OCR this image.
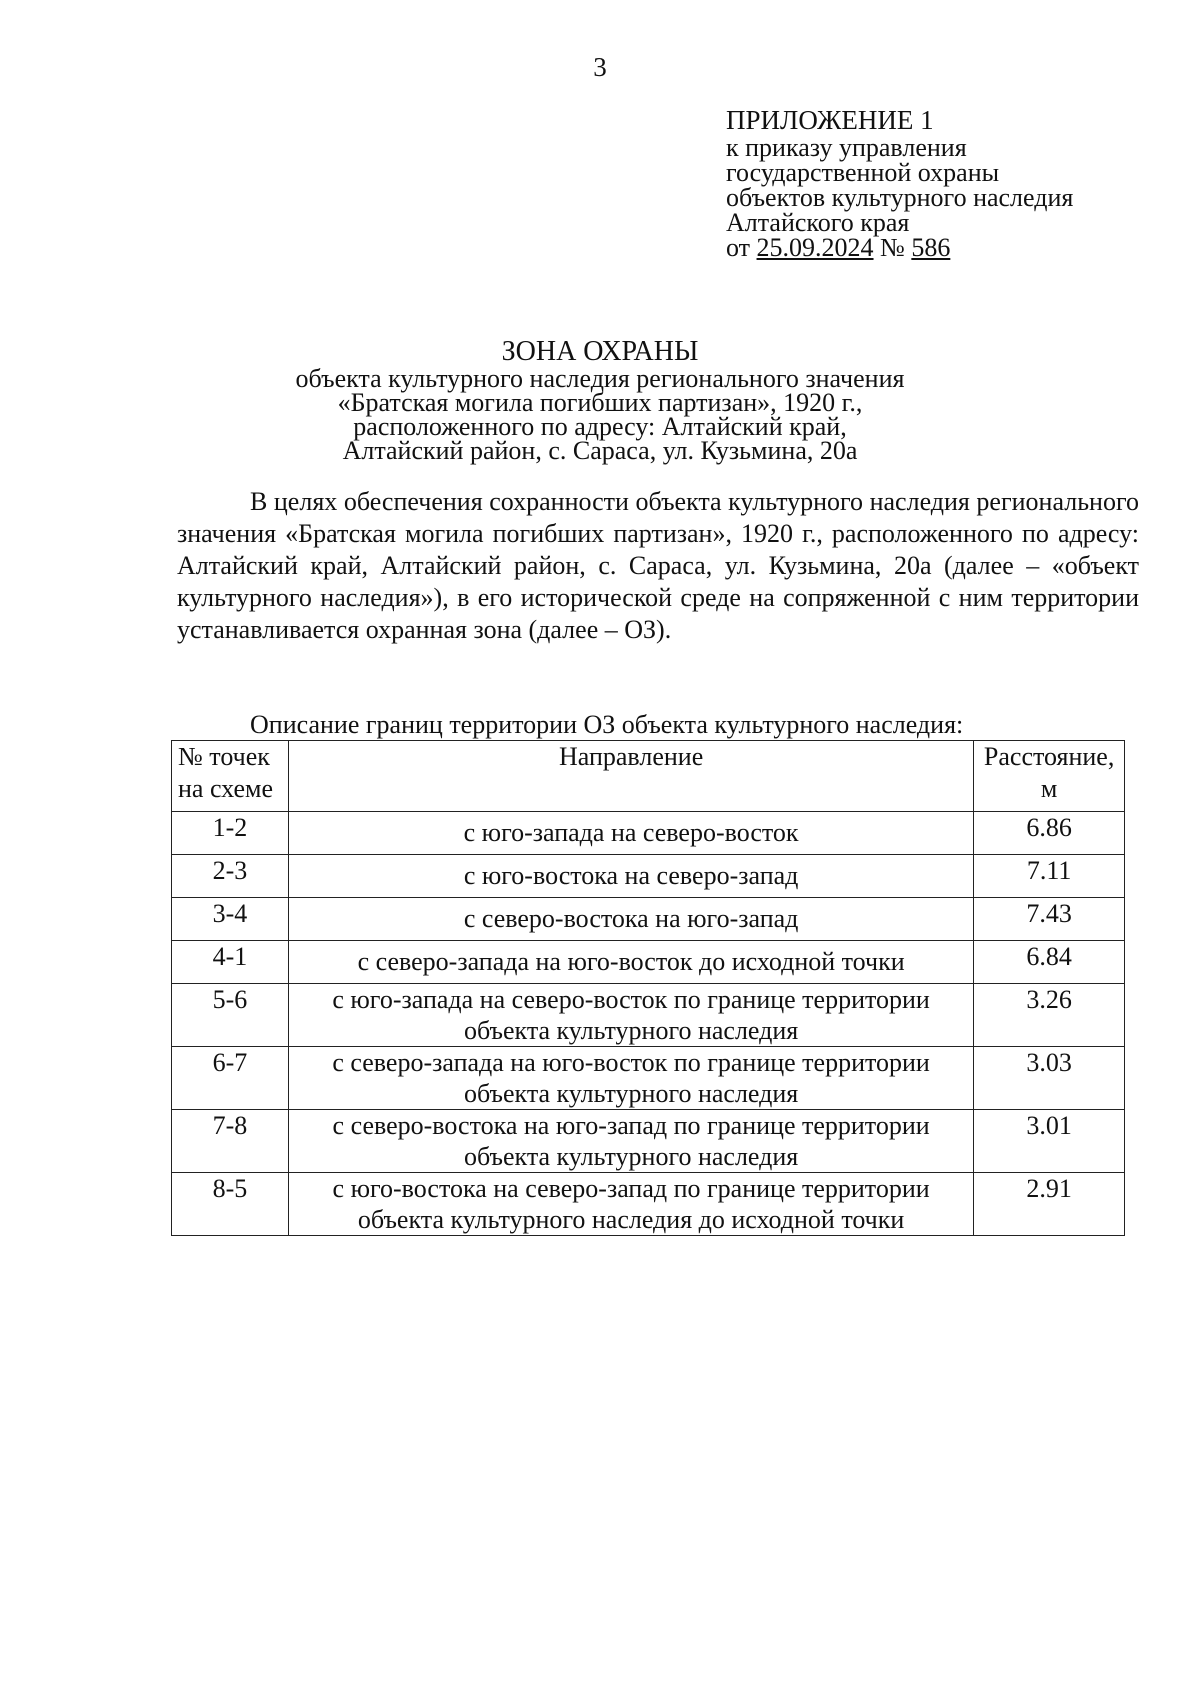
3
ПРИЛОЖЕНИЕ 1
к приказу управления
государственной охраны
объектов культурного наследия
Алтайского края
от 25.09.2024 № 586
ЗОНА ОХРАНЫ
объекта культурного наследия регионального значения
«Братская могила погибших партизан», 1920 г.,
расположенного по адресу: Алтайский край,
Алтайский район, с. Сараса, ул. Кузьмина, 20а

В целях обеспечения сохранности объекта культурного наследия регионального значения «Братская могила погибших партизан», 1920 г., расположенного по адресу: Алтайский край, Алтайский район, с. Сараса, ул. Кузьмина, 20а (далее – «объект культурного наследия»), в его исторической среде на сопряженной с ним территории устанавливается охранная зона (далее – ОЗ).

Описание границ территории ОЗ объекта культурного наследия:
№ точек на схеме	Направление	Расстояние, м
1-2	с юго-запада на северо-восток	6.86
2-3	с юго-востока на северо-запад	7.11
3-4	с северо-востока на юго-запад	7.43
4-1	с северо-запада на юго-восток до исходной точки	6.84
5-6	с юго-запада на северо-восток по границе территории объекта культурного наследия	3.26
6-7	с северо-запада на юго-восток по границе территории объекта культурного наследия	3.03
7-8	с северо-востока на юго-запад по границе территории объекта культурного наследия	3.01
8-5	с юго-востока на северо-запад по границе территории объекта культурного наследия до исходной точки	2.91
